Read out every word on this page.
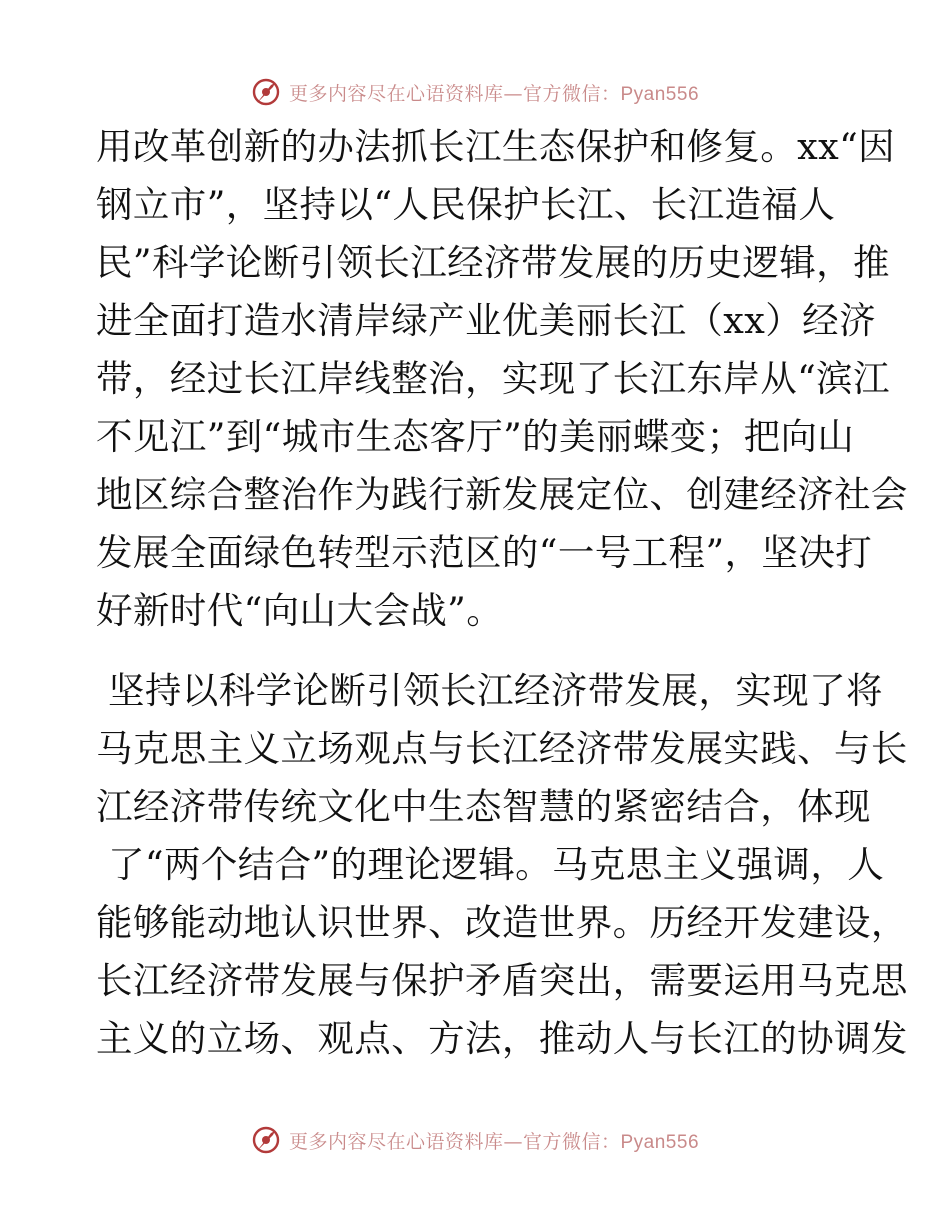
更多内容尽在心语资料库—官方微信：Pyan556
用改革创新的办法抓长江生态保护和修复。xx“因
钢立市”，坚持以“人民保护长江、长江造福人
民”科学论断引领长江经济带发展的历史逻辑，推
进全面打造水清岸绿产业优美丽长江（xx）经济
带，经过长江岸线整治，实现了长江东岸从“滨江
不见江”到“城市生态客厅”的美丽蝶变；把向山
地区综合整治作为践行新发展定位、创建经济社会
发展全面绿色转型示范区的“一号工程”，坚决打
好新时代“向山大会战”。
坚持以科学论断引领长江经济带发展，实现了将
马克思主义立场观点与长江经济带发展实践、与长
江经济带传统文化中生态智慧的紧密结合，体现
了“两个结合”的理论逻辑。马克思主义强调，人
能够能动地认识世界、改造世界。历经开发建设，
长江经济带发展与保护矛盾突出，需要运用马克思
主义的立场、观点、方法，推动人与长江的协调发
更多内容尽在心语资料库—官方微信：Pyan556
